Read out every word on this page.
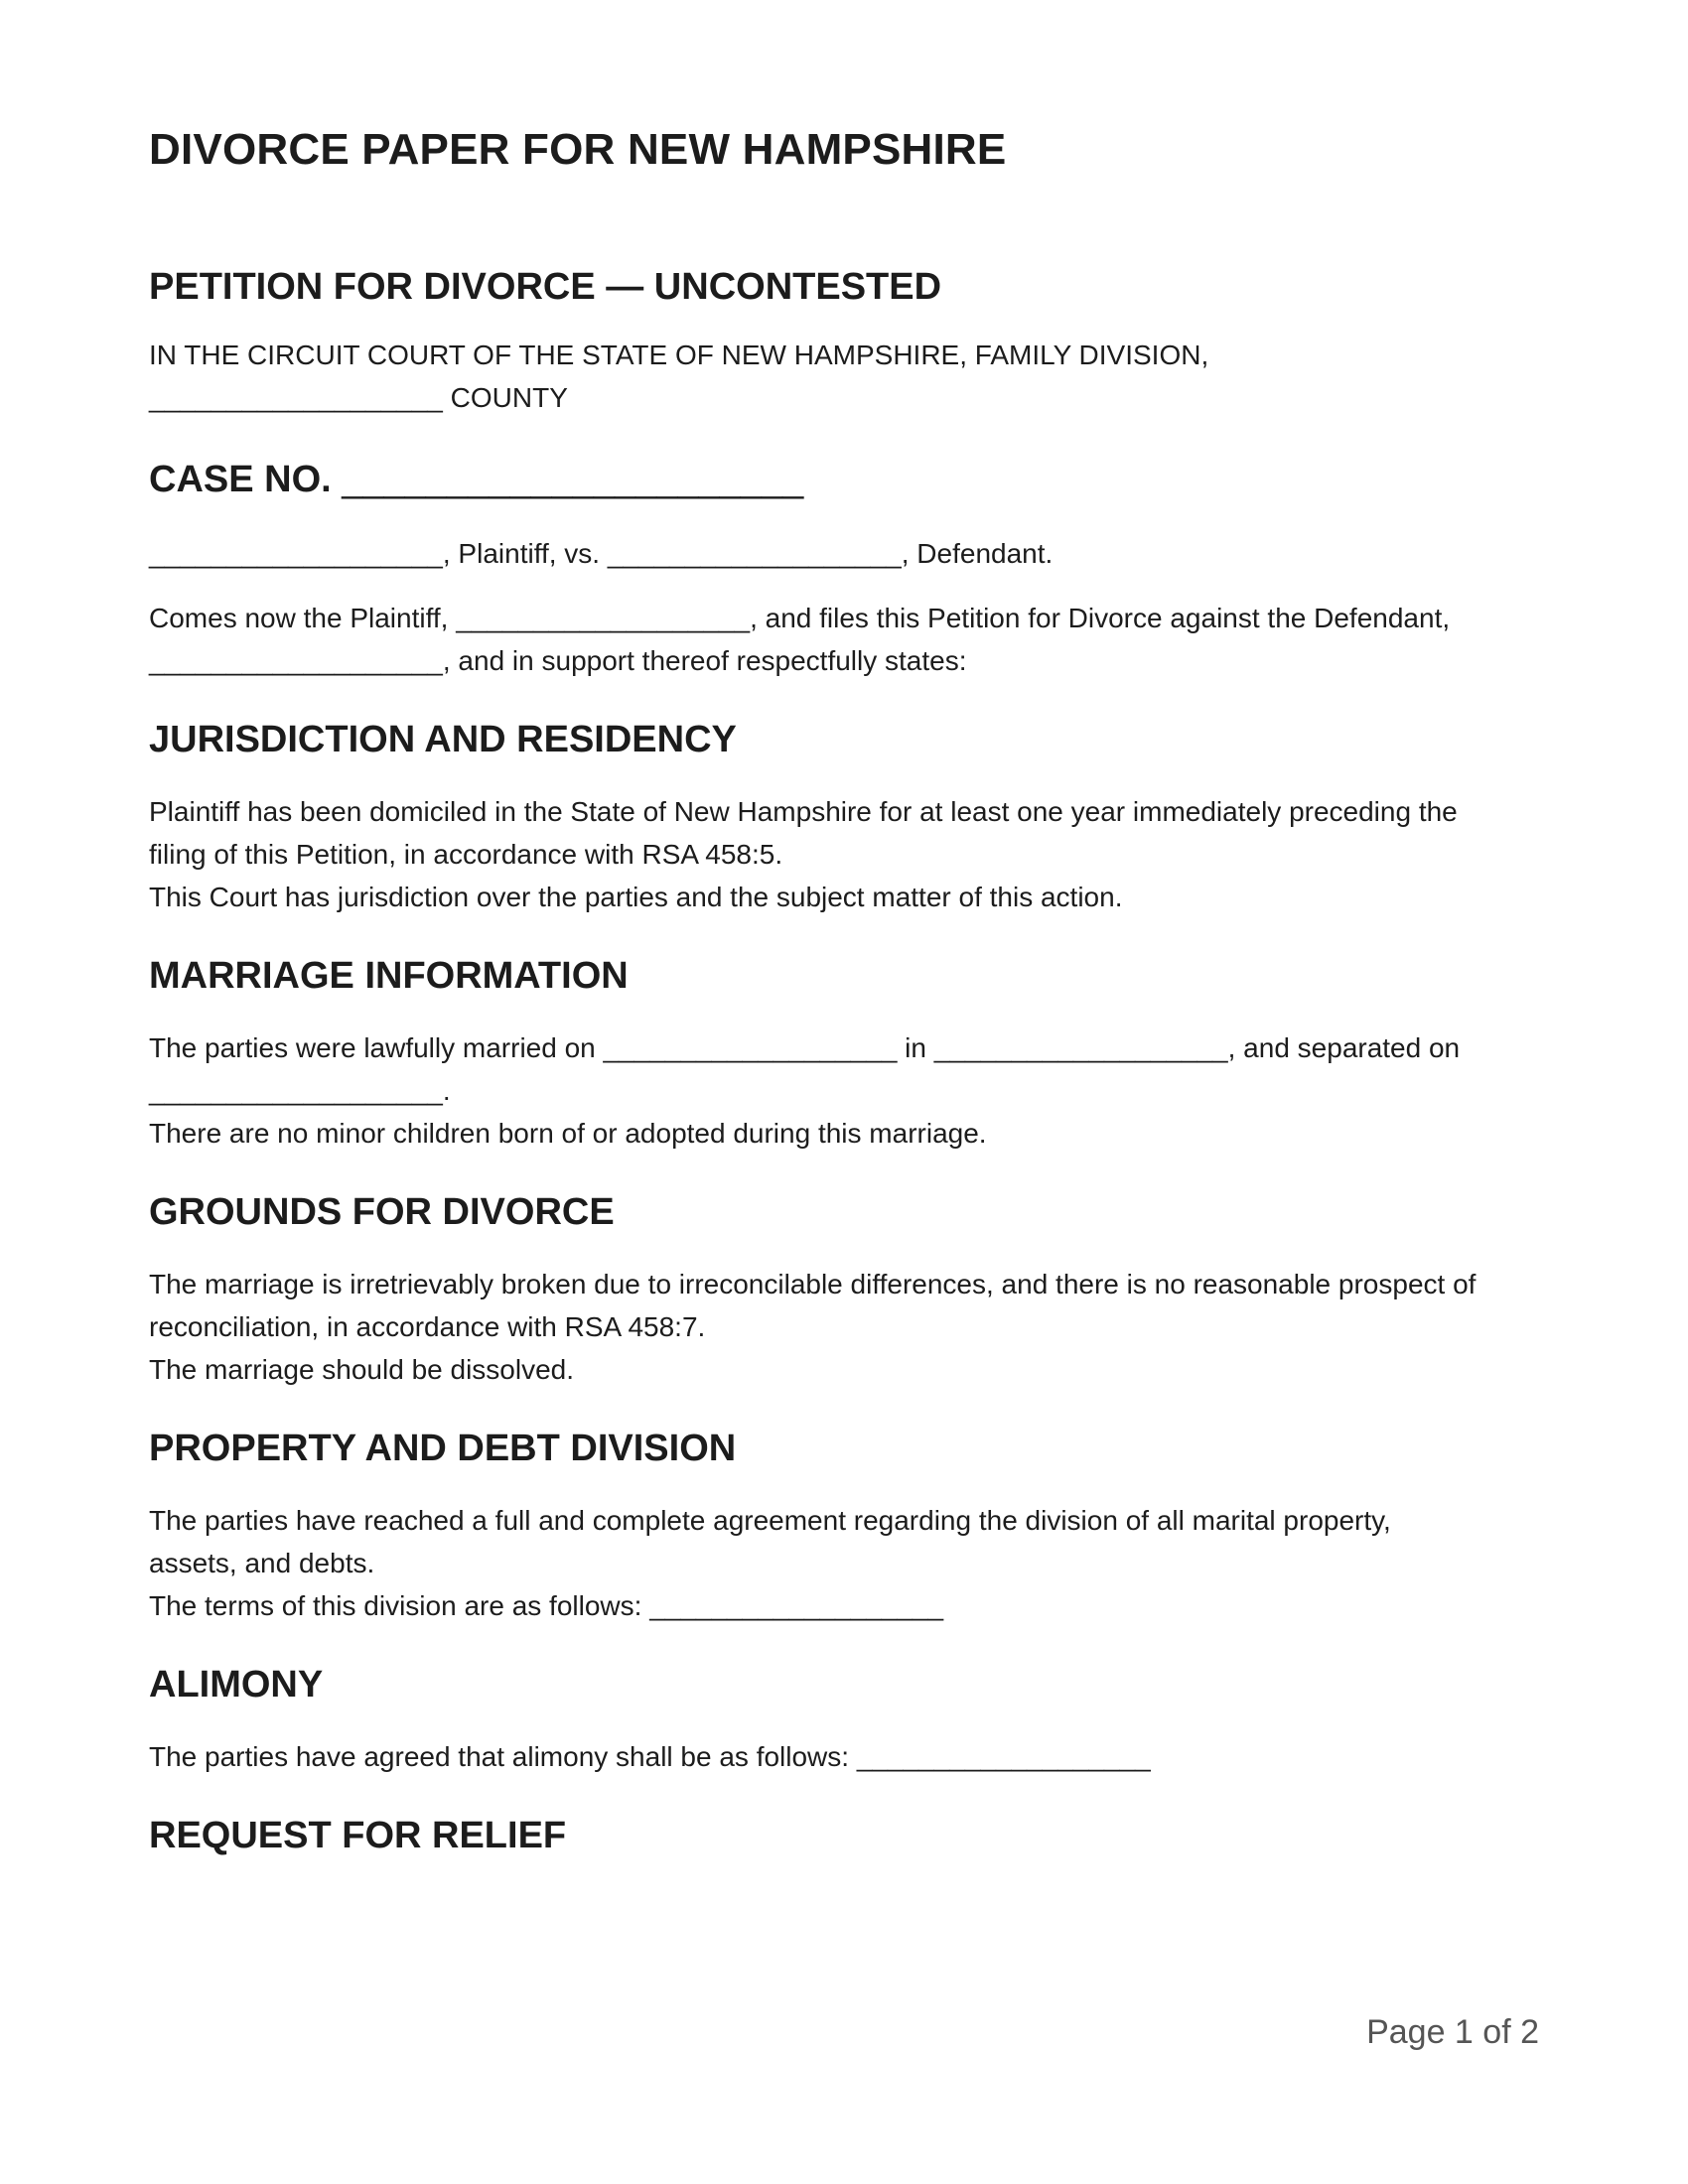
DIVORCE PAPER FOR NEW HAMPSHIRE
PETITION FOR DIVORCE — UNCONTESTED

IN THE CIRCUIT COURT OF THE STATE OF NEW HAMPSHIRE, FAMILY DIVISION,
___________________ COUNTY

CASE NO. ______________________

___________________, Plaintiff, vs. ___________________, Defendant.

Comes now the Plaintiff, ___________________, and files this Petition for Divorce against the Defendant,
___________________, and in support thereof respectfully states:

JURISDICTION AND RESIDENCY

Plaintiff has been domiciled in the State of New Hampshire for at least one year immediately preceding the
filing of this Petition, in accordance with RSA 458:5.
This Court has jurisdiction over the parties and the subject matter of this action.

MARRIAGE INFORMATION

The parties were lawfully married on ___________________ in ___________________, and separated on
___________________.
There are no minor children born of or adopted during this marriage.

GROUNDS FOR DIVORCE

The marriage is irretrievably broken due to irreconcilable differences, and there is no reasonable prospect of
reconciliation, in accordance with RSA 458:7.
The marriage should be dissolved.

PROPERTY AND DEBT DIVISION

The parties have reached a full and complete agreement regarding the division of all marital property,
assets, and debts.
The terms of this division are as follows: ___________________

ALIMONY

The parties have agreed that alimony shall be as follows: ___________________

REQUEST FOR RELIEF

Page 1 of 2
